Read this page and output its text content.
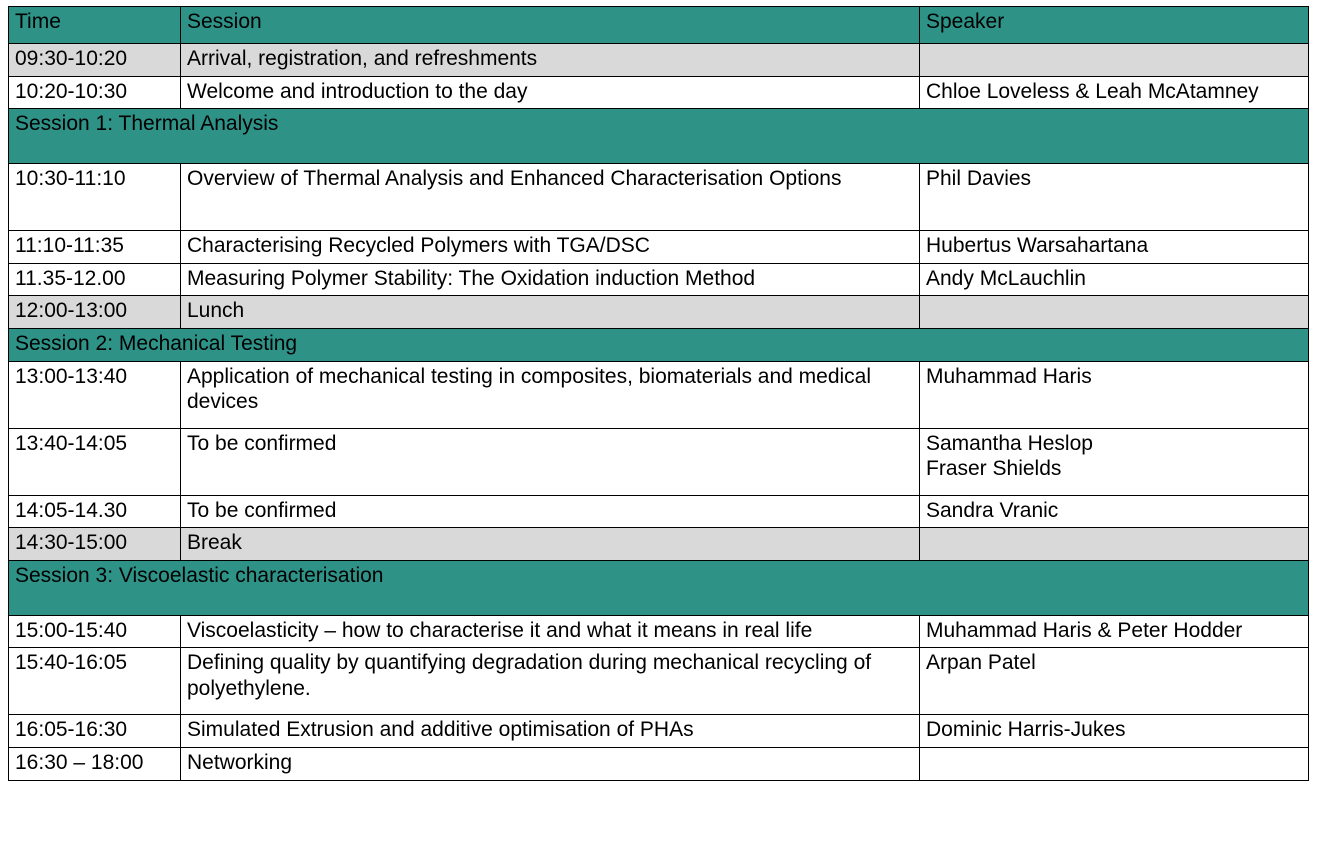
Time	Session	Speaker
09:30-10:20	Arrival, registration, and refreshments	
10:20-10:30	Welcome and introduction to the day	Chloe Loveless & Leah McAtamney
Session 1: Thermal Analysis		
10:30-11:10	Overview of Thermal Analysis and Enhanced Characterisation Options	Phil Davies
11:10-11:35	Characterising Recycled Polymers with TGA/DSC	Hubertus Warsahartana
11.35-12.00	Measuring Polymer Stability: The Oxidation induction Method	Andy McLauchlin
12:00-13:00	Lunch	
Session 2: Mechanical Testing		
13:00-13:40	Application of mechanical testing in composites, biomaterials and medical devices	Muhammad Haris
13:40-14:05	To be confirmed	Samantha Heslop
Fraser Shields

14:05-14.30	To be confirmed	Sandra Vranic
14:30-15:00	Break	
Session 3: Viscoelastic characterisation		
15:00-15:40	Viscoelasticity – how to characterise it and what it means in real life	Muhammad Haris & Peter Hodder
15:40-16:05	Defining quality by quantifying degradation during mechanical recycling of polyethylene.	Arpan Patel
16:05-16:30	Simulated Extrusion and additive optimisation of PHAs	Dominic Harris-Jukes
16:30 – 18:00	Networking	
